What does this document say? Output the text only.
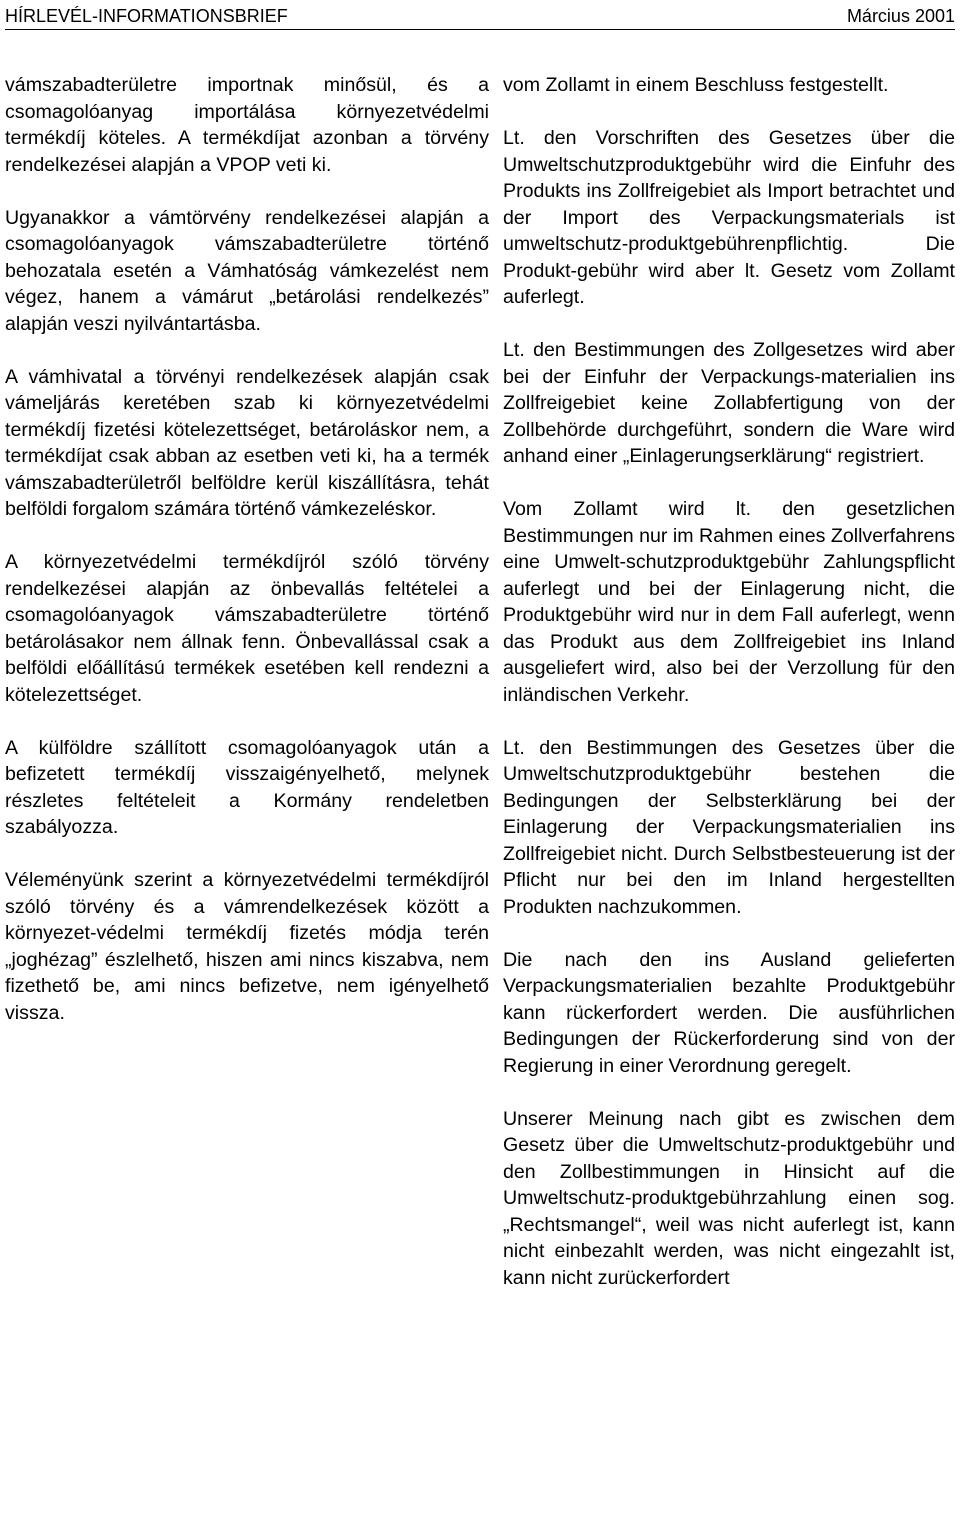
HÍRLEVÉL-INFORMATIONSBRIEF	Március 2001

vámszabadterületre importnak minősül, és a csomagolóanyag importálása környezetvédelmi termékdíj köteles. A termékdíjat azonban a törvény rendelkezései alapján a VPOP veti ki.

Ugyanakkor a vámtörvény rendelkezései alapján a csomagolóanyagok vámszabadterületre történő behozatala esetén a Vámhatóság vámkezelést nem végez, hanem a vámárut „betárolási rendelkezés” alapján veszi nyilvántartásba.

A vámhivatal a törvényi rendelkezések alapján csak vámeljárás keretében szab ki környezetvédelmi termékdíj fizetési kötelezettséget, betároláskor nem, a termékdíjat csak abban az esetben veti ki, ha a termék vámszabadterületről belföldre kerül kiszállításra, tehát belföldi forgalom számára történő vámkezeléskor.

A környezetvédelmi termékdíjról szóló törvény rendelkezései alapján az önbevallás feltételei a csomagolóanyagok vámszabadterületre történő betárolásakor nem állnak fenn. Önbevallással csak a belföldi előállítású termékek esetében kell rendezni a kötelezettséget.

A külföldre szállított csomagolóanyagok után a befizetett termékdíj visszaigényelhető, melynek részletes feltételeit a Kormány rendeletben szabályozza.

Véleményünk szerint a környezetvédelmi termékdíjról szóló törvény és a vámrendelkezések között a környezet-védelmi termékdíj fizetés módja terén „joghézag” észlelhető, hiszen ami nincs kiszabva, nem fizethető be, ami nincs befizetve, nem igényelhető vissza.

vom Zollamt in einem Beschluss festgestellt.

Lt. den Vorschriften des Gesetzes über die Umweltschutzproduktgebühr wird die Einfuhr des Produkts ins Zollfreigebiet als Import betrachtet und der Import des Verpackungsmaterials ist umweltschutz-produktgebührenpflichtig. Die Produkt-gebühr wird aber lt. Gesetz vom Zollamt auferlegt.

Lt. den Bestimmungen des Zollgesetzes wird aber bei der Einfuhr der Verpackungs-materialien ins Zollfreigebiet keine Zollabfertigung von der Zollbehörde durchgeführt, sondern die Ware wird anhand einer „Einlagerungserklärung“ registriert.

Vom Zollamt wird lt. den gesetzlichen Bestimmungen nur im Rahmen eines Zollverfahrens eine Umwelt-schutzproduktgebühr Zahlungspflicht auferlegt und bei der Einlagerung nicht, die Produktgebühr wird nur in dem Fall auferlegt, wenn das Produkt aus dem Zollfreigebiet ins Inland ausgeliefert wird, also bei der Verzollung für den inländischen Verkehr.

Lt. den Bestimmungen des Gesetzes über die Umweltschutzproduktgebühr bestehen die Bedingungen der Selbsterklärung bei der Einlagerung der Verpackungsmaterialien ins Zollfreigebiet nicht. Durch Selbstbesteuerung ist der Pflicht nur bei den im Inland hergestellten Produkten nachzukommen.

Die nach den ins Ausland gelieferten Verpackungsmaterialien bezahlte Produktgebühr kann rückerfordert werden. Die ausführlichen Bedingungen der Rückerforderung sind von der Regierung in einer Verordnung geregelt.

Unserer Meinung nach gibt es zwischen dem Gesetz über die Umweltschutz-produktgebühr und den Zollbestimmungen in Hinsicht auf die Umweltschutz-produktgebührzahlung einen sog. „Rechtsmangel“, weil was nicht auferlegt ist, kann nicht einbezahlt werden, was nicht eingezahlt ist, kann nicht zurückerfordert
